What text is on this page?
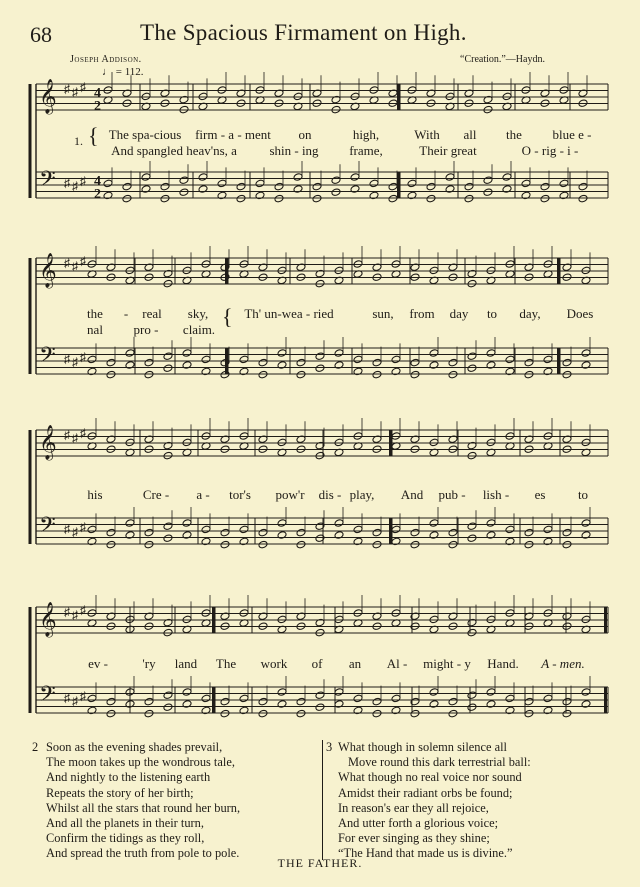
68	The Spacious Firmament on High.
Joseph Addison.	“Creation.”—Haydn.
♩ = 112.
𝄞
𝄢
♯
♯
♯
♯
♯
♯
4
2
4
2
𝄞
𝄢
♯
♯
♯
♯
♯
♯
𝄞
𝄢
♯
♯
♯
♯
♯
♯
𝄞
𝄢
♯
♯
♯
♯
♯
♯
1. { The spa-cious firm - a - ment on	high,	With all the blue e -
And spangled heav'ns, a	shin - ing frame,	Their great	O - rig - i -
the - real sky,	Th' un-wea - ried	sun, from day to day, Does
{
nal pro - claim.
his	Cre - a - tor's pow'r dis - play, And pub - lish - es	to
ev -	'ry land The work of an Al - might - y Hand. A - men.
2 Soon as the evening shades prevail,
The moon takes up the wondrous tale,
And nightly to the listening earth
Repeats the story of her birth;
Whilst all the stars that round her burn,
And all the planets in their turn,
Confirm the tidings as they roll,
And spread the truth from pole to pole.
3 What though in solemn silence all
Move round this dark terrestrial ball:
What though no real voice nor sound
Amidst their radiant orbs be found;
In reason's ear they all rejoice,
And utter forth a glorious voice;
For ever singing as they shine;
“The Hand that made us is divine.”
THE FATHER.
